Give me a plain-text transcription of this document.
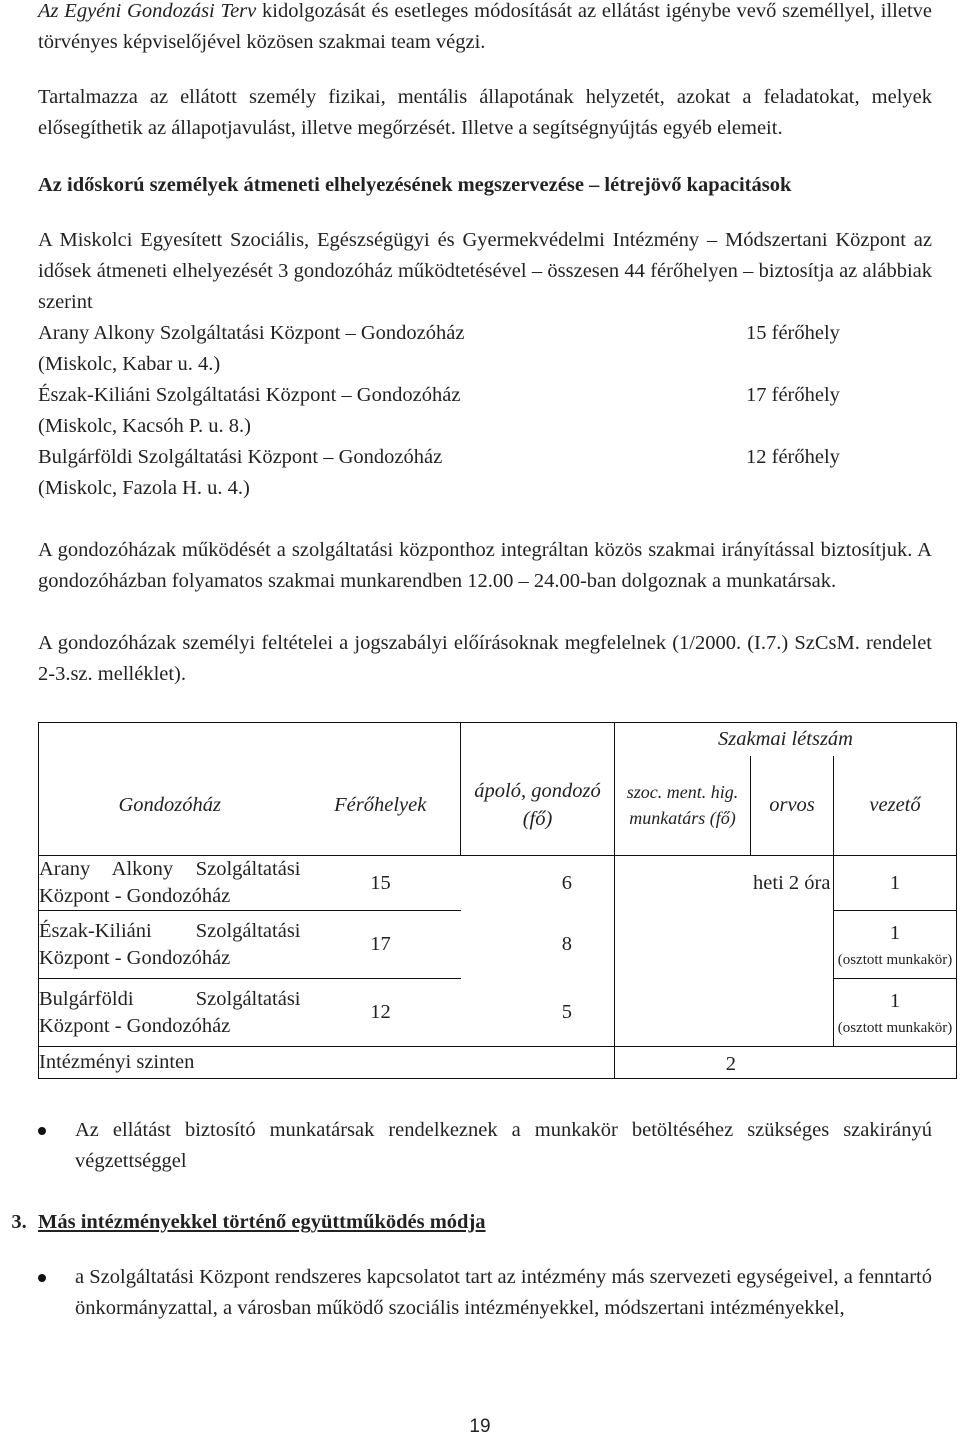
Az Egyéni Gondozási Terv kidolgozását és esetleges módosítását az ellátást igénybe vevő személlyel, illetve törvényes képviselőjével közösen szakmai team végzi.

Tartalmazza az ellátott személy fizikai, mentális állapotának helyzetét, azokat a feladatokat, melyek elősegíthetik az állapotjavulást, illetve megőrzését. Illetve a segítségnyújtás egyéb elemeit.

Az időskorú személyek átmeneti elhelyezésének megszervezése – létrejövő kapacitások

A Miskolci Egyesített Szociális, Egészségügyi és Gyermekvédelmi Intézmény – Módszertani Központ az idősek átmeneti elhelyezését 3 gondozóház működtetésével – összesen 44 férőhelyen – biztosítja az alábbiak szerint

Arany Alkony Szolgáltatási Központ – Gondozóház	15 férőhely
(Miskolc, Kabar u. 4.)
Észak-Kiliáni Szolgáltatási Központ – Gondozóház	17 férőhely
(Miskolc, Kacsóh P. u. 8.)
Bulgárföldi Szolgáltatási Központ – Gondozóház	12 férőhely
(Miskolc, Fazola H. u. 4.)

A gondozóházak működését a szolgáltatási központhoz integráltan közös szakmai irányítással biztosítjuk. A gondozóházban folyamatos szakmai munkarendben 12.00 – 24.00-ban dolgoznak a munkatársak.

A gondozóházak személyi feltételei a jogszabályi előírásoknak megfelelnek (1/2000. (I.7.) SzCsM. rendelet 2-3.sz. melléklet).

			Szakmai létszám		

Gondozóház	Férőhelyek	ápoló, gondozó (fő)	szoc. ment. hig. munkatárs (fő)	orvos	vezető
Arany Alkony Szolgáltatási Központ - Gondozóház	15	6		heti 2 óra	1
Észak-Kiliáni Szolgáltatási Központ - Gondozóház	17	8			1
(osztott munkakör)

Bulgárföldi Szolgáltatási Központ - Gondozóház	12	5			1
(osztott munkakör)

Intézményi szinten 2					

Az ellátást biztosító munkatársak rendelkeznek a munkakör betöltéséhez szükséges szakirányú végzettséggel

3. Más intézményekkel történő együttműködés módja

a Szolgáltatási Központ rendszeres kapcsolatot tart az intézmény más szervezeti egységeivel, a fenntartó önkormányzattal, a városban működő szociális intézményekkel, módszertani intézményekkel,

19
